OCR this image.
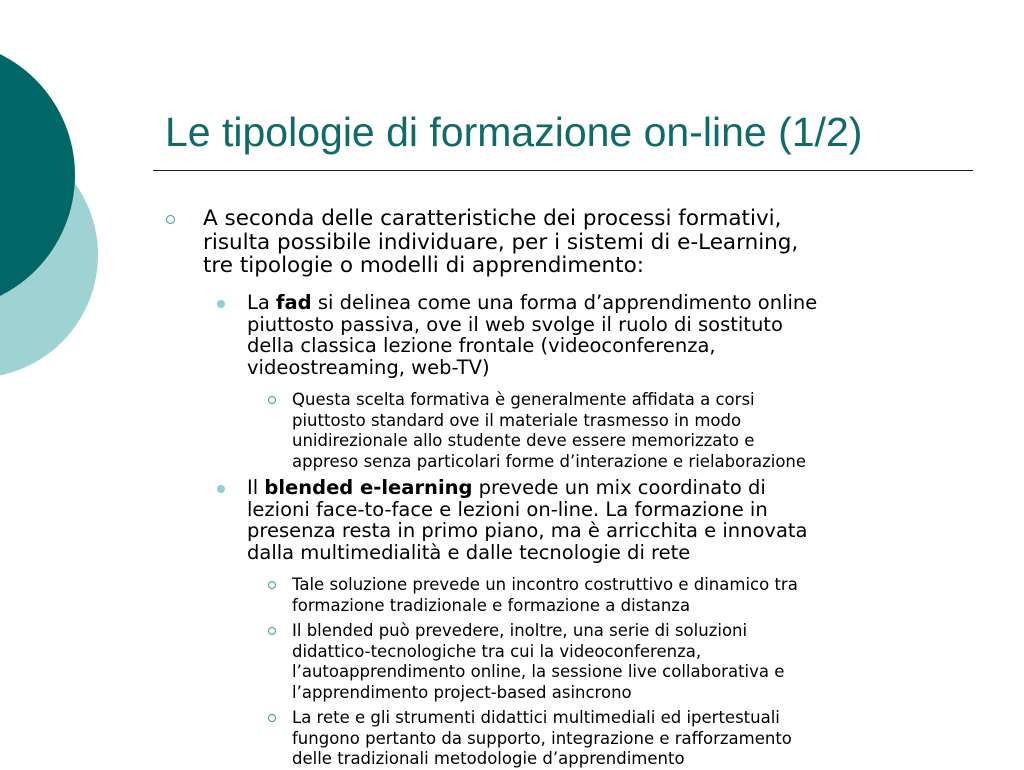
Le tipologie di formazione on-line (1/2)
A seconda delle caratteristiche dei processi formativi,
risulta possibile individuare, per i sistemi di e-Learning,
tre tipologie o modelli di apprendimento:
La fad si delinea come una forma d’apprendimento online
piuttosto passiva, ove il web svolge il ruolo di sostituto
della classica lezione frontale (videoconferenza,
videostreaming, web-TV)
Questa scelta formativa è generalmente affidata a corsi
piuttosto standard ove il materiale trasmesso in modo
unidirezionale allo studente deve essere memorizzato e
appreso senza particolari forme d’interazione e rielaborazione
Il blended e-learning prevede un mix coordinato di
lezioni face-to-face e lezioni on-line. La formazione in
presenza resta in primo piano, ma è arricchita e innovata
dalla multimedialità e dalle tecnologie di rete
Tale soluzione prevede un incontro costruttivo e dinamico tra
formazione tradizionale e formazione a distanza
Il blended può prevedere, inoltre, una serie di soluzioni
didattico-tecnologiche tra cui la videoconferenza,
l’autoapprendimento online, la sessione live collaborativa e
l’apprendimento project-based asincrono
La rete e gli strumenti didattici multimediali ed ipertestuali
fungono pertanto da supporto, integrazione e rafforzamento
delle tradizionali metodologie d’apprendimento
